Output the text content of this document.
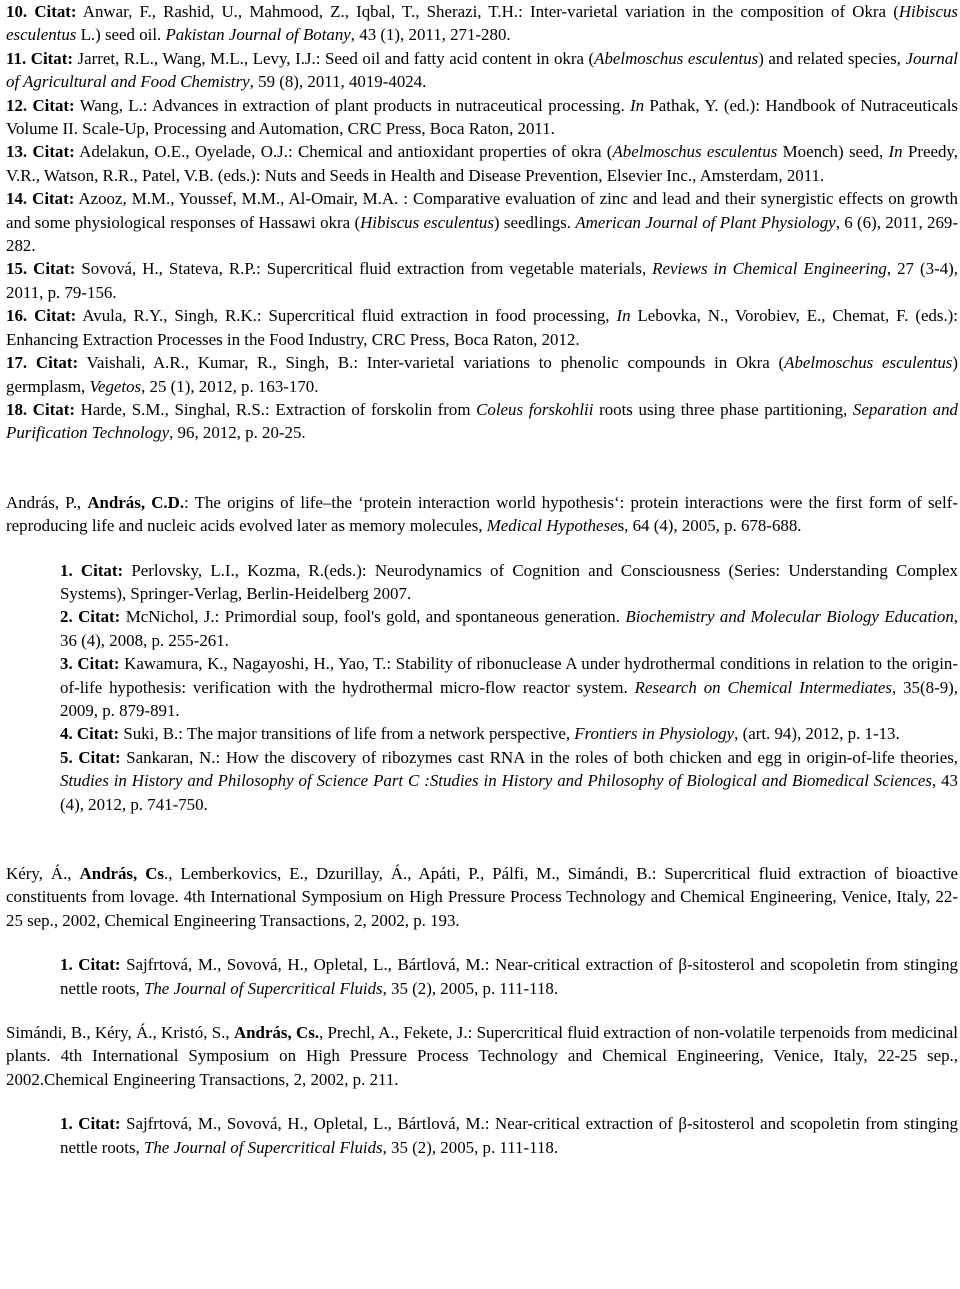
10. Citat: Anwar, F., Rashid, U., Mahmood, Z., Iqbal, T., Sherazi, T.H.: Inter-varietal variation in the composition of Okra (Hibiscus esculentus L.) seed oil. Pakistan Journal of Botany, 43 (1), 2011, 271-280.

11. Citat: Jarret, R.L., Wang, M.L., Levy, I.J.: Seed oil and fatty acid content in okra (Abelmoschus esculentus) and related species, Journal of Agricultural and Food Chemistry, 59 (8), 2011, 4019-4024.

12. Citat: Wang, L.: Advances in extraction of plant products in nutraceutical processing. In Pathak, Y. (ed.): Handbook of Nutraceuticals Volume II. Scale-Up, Processing and Automation, CRC Press, Boca Raton, 2011.

13. Citat: Adelakun, O.E., Oyelade, O.J.: Chemical and antioxidant properties of okra (Abelmoschus esculentus Moench) seed, In Preedy, V.R., Watson, R.R., Patel, V.B. (eds.): Nuts and Seeds in Health and Disease Prevention, Elsevier Inc., Amsterdam, 2011.

14. Citat: Azooz, M.M., Youssef, M.M., Al-Omair, M.A. : Comparative evaluation of zinc and lead and their synergistic effects on growth and some physiological responses of Hassawi okra (Hibiscus esculentus) seedlings. American Journal of Plant Physiology, 6 (6), 2011, 269-282.

15. Citat: Sovová, H., Stateva, R.P.: Supercritical fluid extraction from vegetable materials, Reviews in Chemical Engineering, 27 (3-4), 2011, p. 79-156.

16. Citat: Avula, R.Y., Singh, R.K.: Supercritical fluid extraction in food processing, In Lebovka, N., Vorobiev, E., Chemat, F. (eds.): Enhancing Extraction Processes in the Food Industry, CRC Press, Boca Raton, 2012.

17. Citat: Vaishali, A.R., Kumar, R., Singh, B.: Inter-varietal variations to phenolic compounds in Okra (Abelmoschus esculentus) germplasm, Vegetos, 25 (1), 2012, p. 163-170.

18. Citat: Harde, S.M., Singhal, R.S.: Extraction of forskolin from Coleus forskohlii roots using three phase partitioning, Separation and Purification Technology, 96, 2012, p. 20-25.

András, P., András, C.D.: The origins of life–the ‘protein interaction world hypothesis‘: protein interactions were the first form of self-reproducing life and nucleic acids evolved later as memory molecules, Medical Hypotheses, 64 (4), 2005, p. 678-688.

1. Citat: Perlovsky, L.I., Kozma, R.(eds.): Neurodynamics of Cognition and Consciousness (Series: Understanding Complex Systems), Springer-Verlag, Berlin-Heidelberg 2007.

2. Citat: McNichol, J.: Primordial soup, fool's gold, and spontaneous generation. Biochemistry and Molecular Biology Education, 36 (4), 2008, p. 255-261.

3. Citat: Kawamura, K., Nagayoshi, H., Yao, T.: Stability of ribonuclease A under hydrothermal conditions in relation to the origin-of-life hypothesis: verification with the hydrothermal micro-flow reactor system. Research on Chemical Intermediates, 35(8-9), 2009, p. 879-891.

4. Citat: Suki, B.: The major transitions of life from a network perspective, Frontiers in Physiology, (art. 94), 2012, p. 1-13.

5. Citat: Sankaran, N.: How the discovery of ribozymes cast RNA in the roles of both chicken and egg in origin-of-life theories, Studies in History and Philosophy of Science Part C :Studies in History and Philosophy of Biological and Biomedical Sciences, 43 (4), 2012, p. 741-750.

Kéry, Á., András, Cs., Lemberkovics, E., Dzurillay, Á., Apáti, P., Pálfi, M., Simándi, B.: Supercritical fluid extraction of bioactive constituents from lovage. 4th International Symposium on High Pressure Process Technology and Chemical Engineering, Venice, Italy, 22-25 sep., 2002, Chemical Engineering Transactions, 2, 2002, p. 193.

1. Citat: Sajfrtová, M., Sovová, H., Opletal, L., Bártlová, M.: Near-critical extraction of β-sitosterol and scopoletin from stinging nettle roots, The Journal of Supercritical Fluids, 35 (2), 2005, p. 111-118.

Simándi, B., Kéry, Á., Kristó, S., András, Cs., Prechl, A., Fekete, J.: Supercritical fluid extraction of non-volatile terpenoids from medicinal plants. 4th International Symposium on High Pressure Process Technology and Chemical Engineering, Venice, Italy, 22-25 sep., 2002.Chemical Engineering Transactions, 2, 2002, p. 211.

1. Citat: Sajfrtová, M., Sovová, H., Opletal, L., Bártlová, M.: Near-critical extraction of β-sitosterol and scopoletin from stinging nettle roots, The Journal of Supercritical Fluids, 35 (2), 2005, p. 111-118.
